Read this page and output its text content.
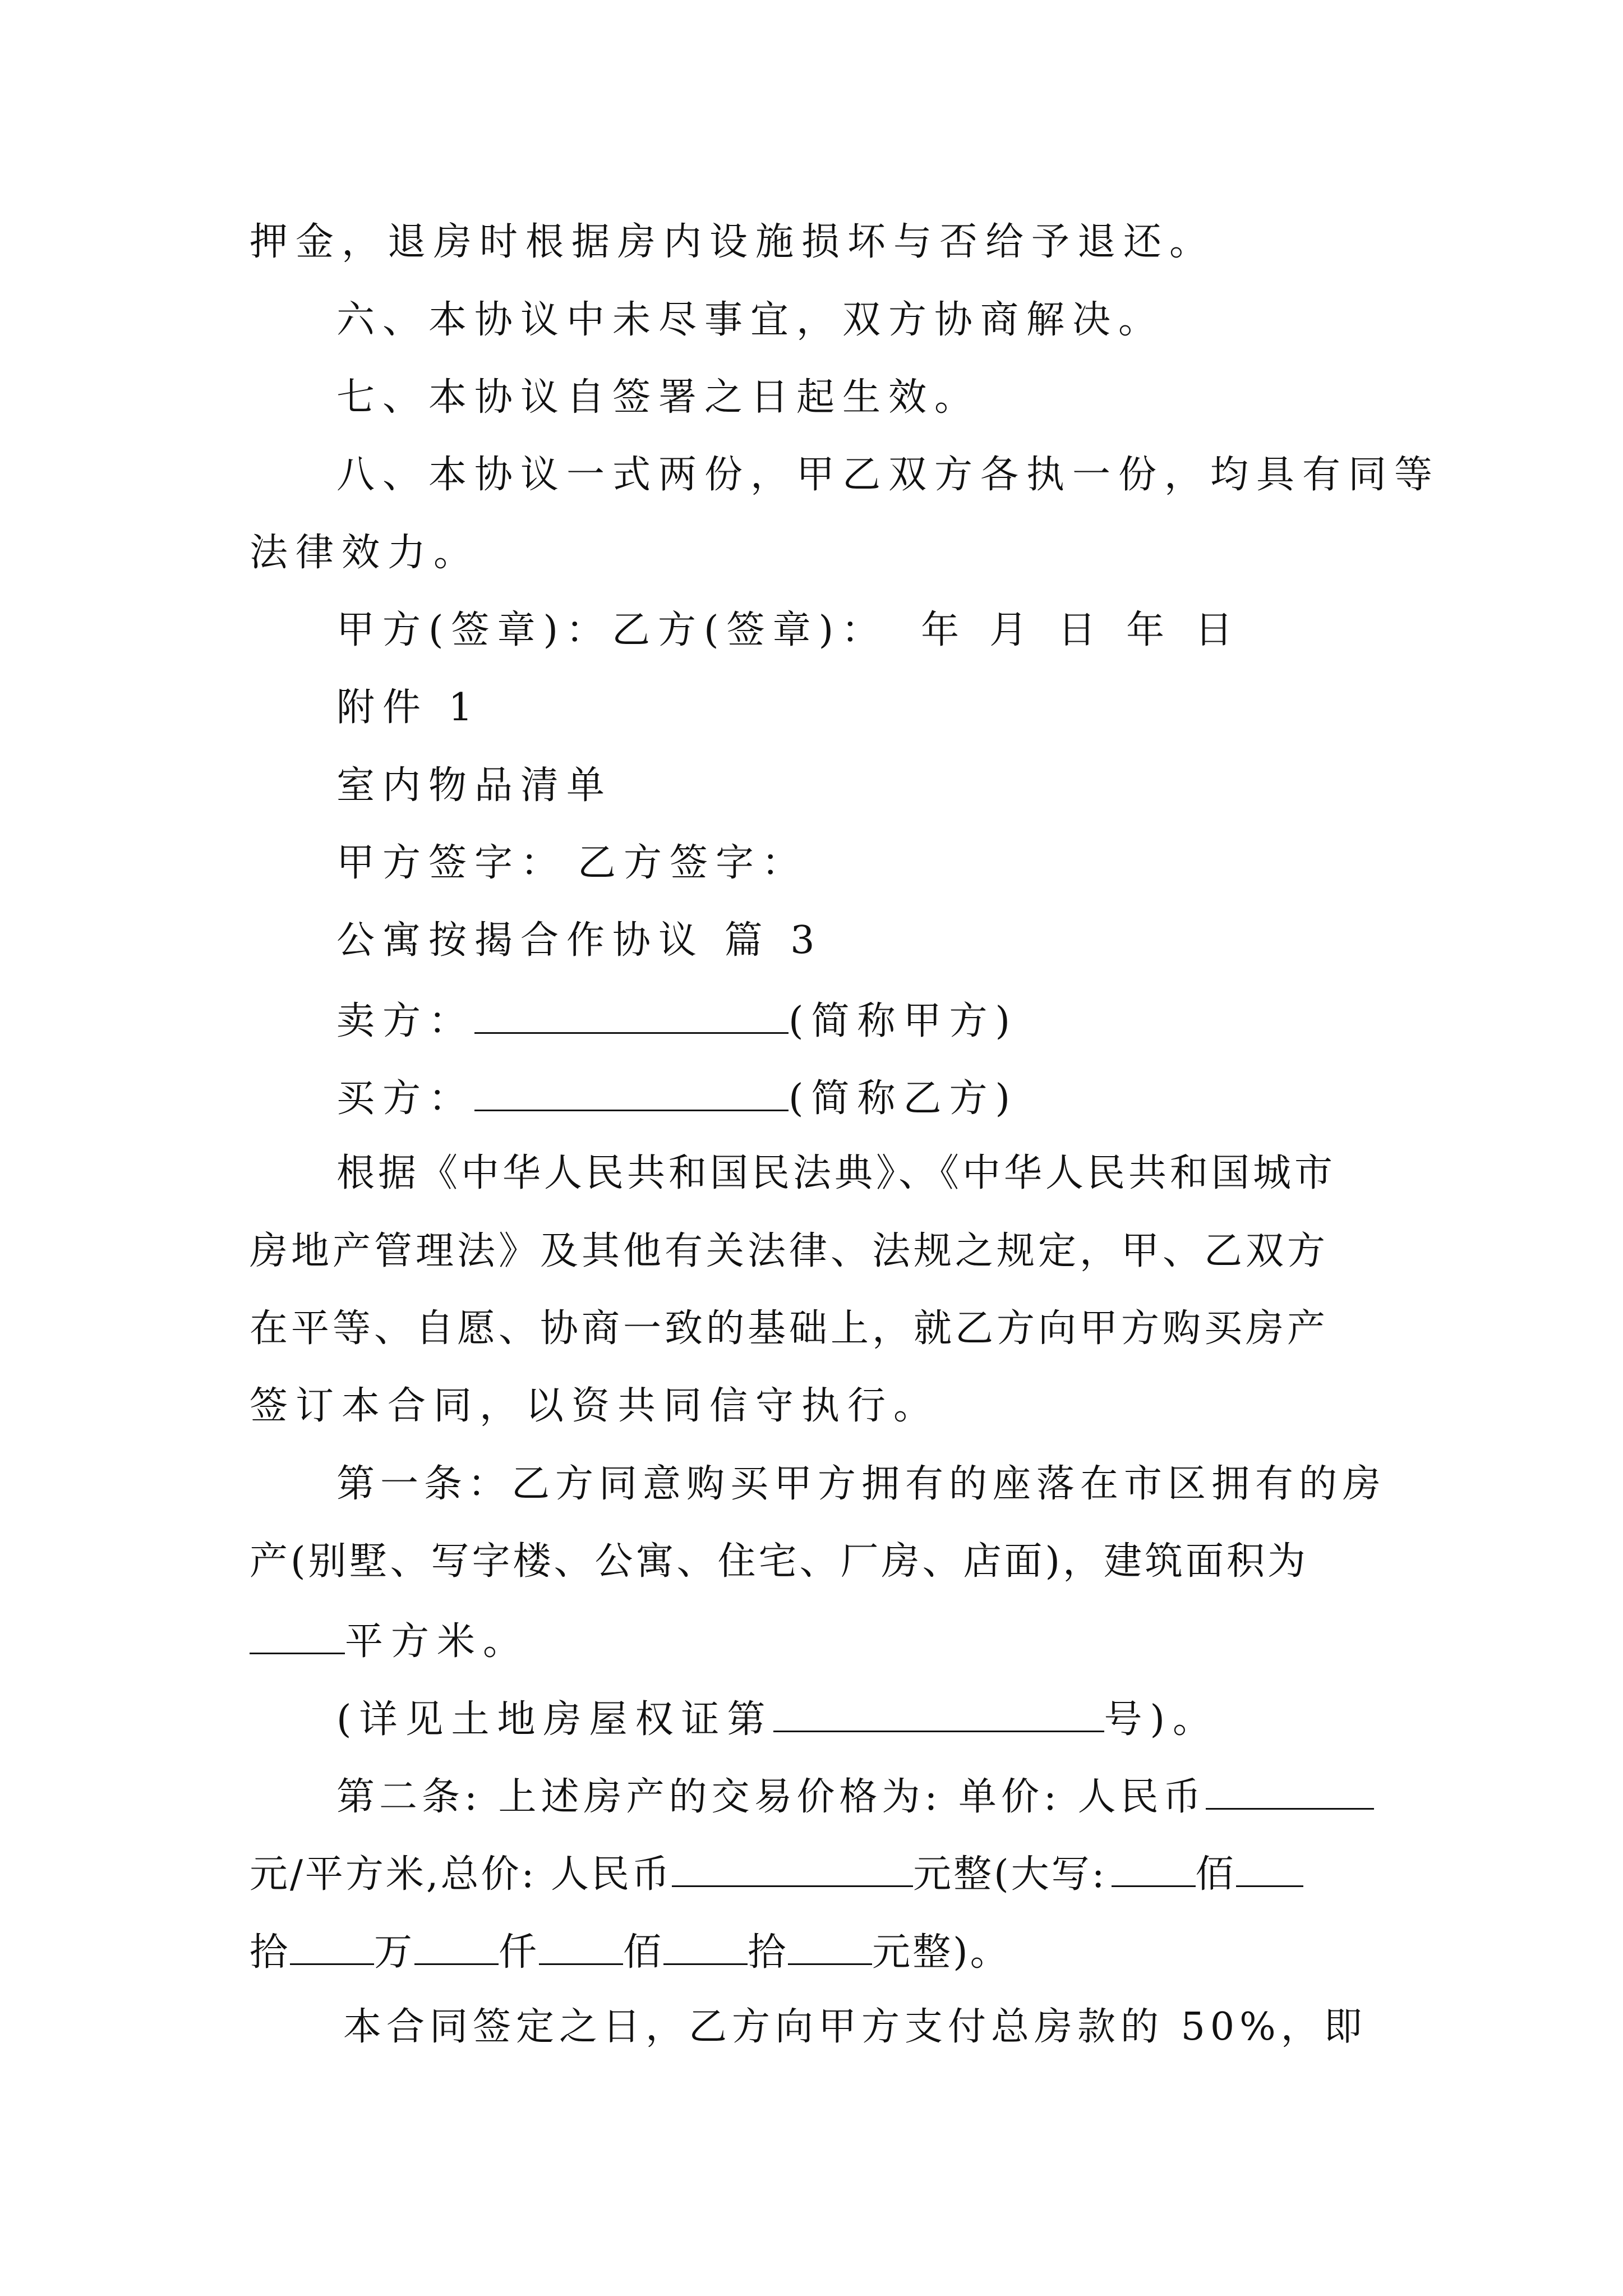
押金，退房时根据房内设施损坏与否给予退还。
六、本协议中未尽事宜，双方协商解决。
七、本协议自签署之日起生效。
八、本协议一式两份，甲乙双方各执一份，均具有同等
法律效力。
甲方(签章)：乙方(签章)： 年 月 日 年 日
附件 1
室内物品清单
甲方签字： 乙方签字：
公寓按揭合作协议 篇 3
卖方：	(简称甲方)
买方：	(简称乙方)
根据《中华人民共和国民法典》、《中华人民共和国城市
房地产管理法》及其他有关法律、法规之规定，甲、乙双方
在平等、自愿、协商一致的基础上，就乙方向甲方购买房产
签订本合同，以资共同信守执行。
第一条：乙方同意购买甲方拥有的座落在市区拥有的房
产(别墅、写字楼、公寓、住宅、厂房、店面)，建筑面积为
平方米。
(详见土地房屋权证第	号)。
第二条: 上述房产的交易价格为: 单价: 人民币
元/平方米,总价: 人民币	元整(大写: 佰
拾 万 仟 佰 拾 元整)。
本合同签定之日，乙方向甲方支付总房款的 50%，即
